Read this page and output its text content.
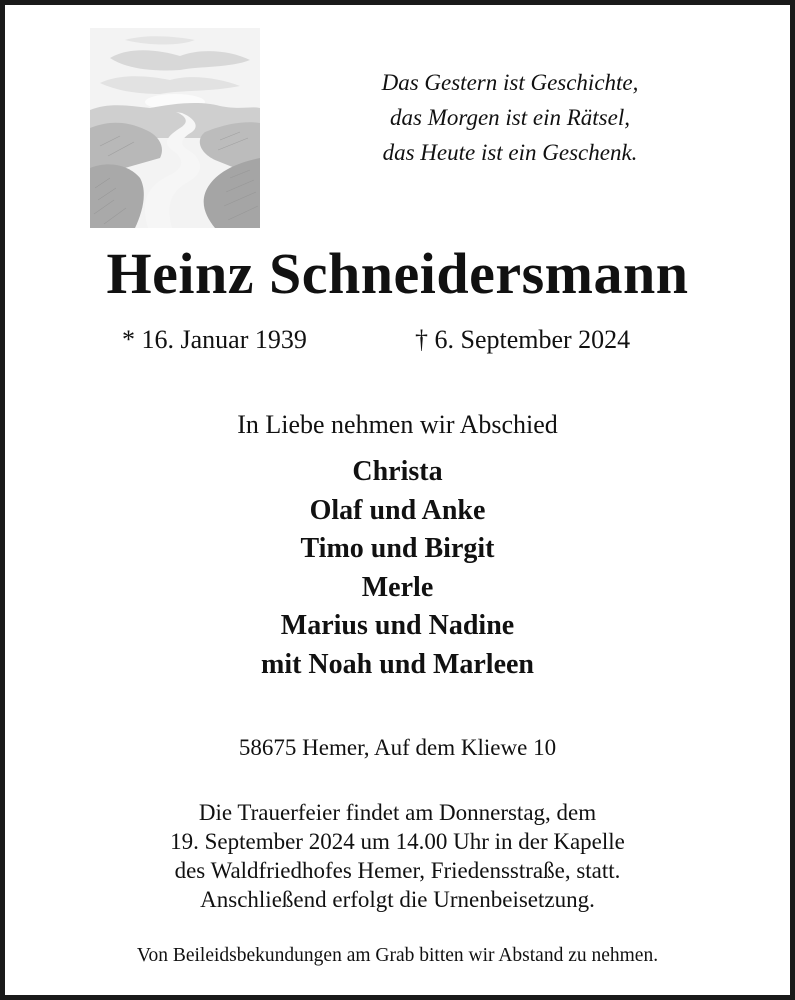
Das Gestern ist Geschichte,
das Morgen ist ein Rätsel,
das Heute ist ein Geschenk.
Heinz Schneidersmann
* 16. Januar 1939	† 6. September 2024
In Liebe nehmen wir Abschied
Christa
Olaf und Anke
Timo und Birgit
Merle
Marius und Nadine
mit Noah und Marleen
58675 Hemer, Auf dem Kliewe 10
Die Trauerfeier findet am Donnerstag, dem
19. September 2024 um 14.00 Uhr in der Kapelle
des Waldfriedhofes Hemer, Friedensstraße, statt.
Anschließend erfolgt die Urnenbeisetzung.
Von Beileidsbekundungen am Grab bitten wir Abstand zu nehmen.
